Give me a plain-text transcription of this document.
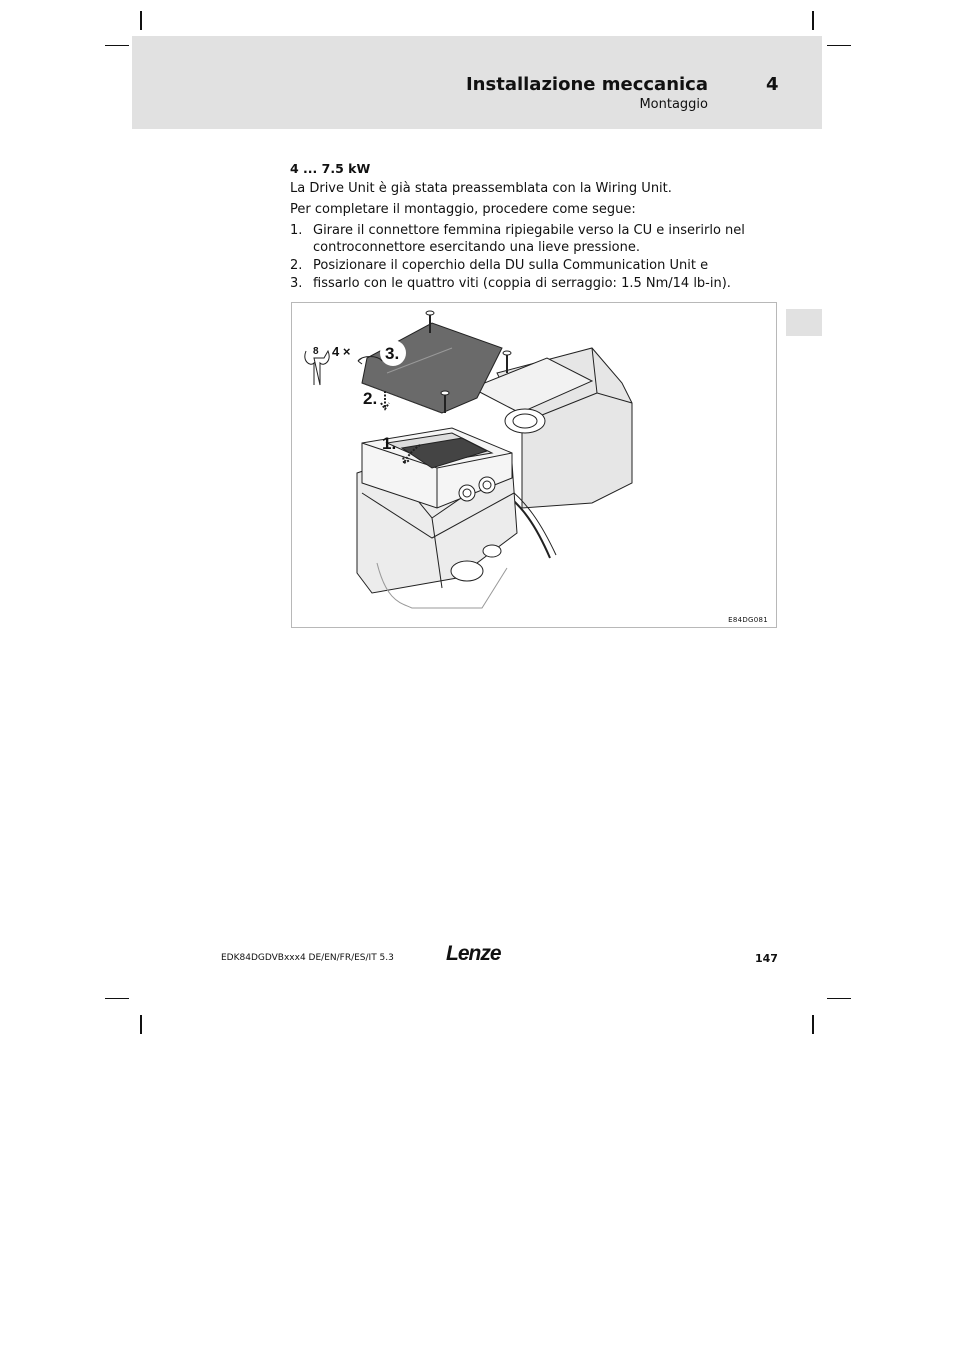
Installazione meccanica	4
Montaggio

4 ... 7.5 kW

La Drive Unit è già stata preassemblata con la Wiring Unit.

Per completare il montaggio, procedere come segue:

1. Girare il connettore femmina ripiegabile verso la CU e inserirlo nel controconnettore esercitando una lieve pressione.
2. Posizionare il coperchio della DU sulla Communication Unit e
3. fissarlo con le quattro viti (coppia di serraggio: 1.5 Nm/14 lb-in).
8 4 × 3.
2.
1.
E84DG081
EDK84DGDVBxxx4 DE/EN/FR/ES/IT 5.3 Lenze	147
